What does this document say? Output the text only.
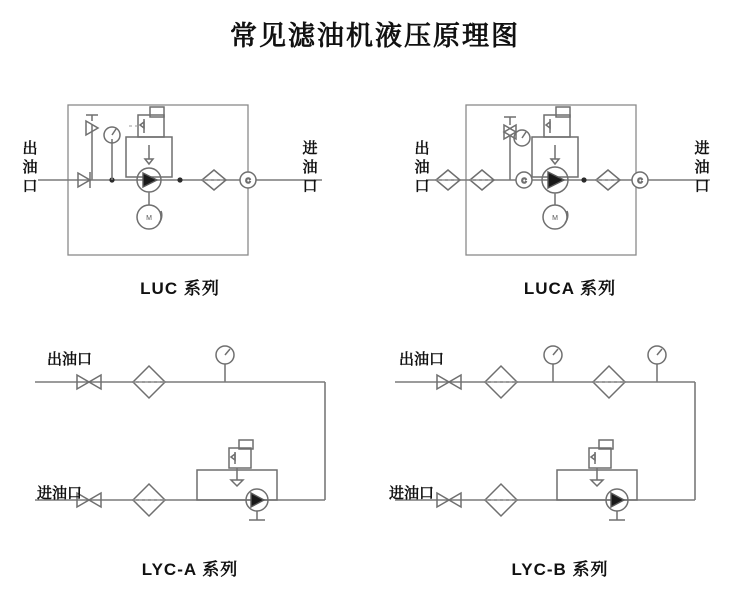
常见滤油机液压原理图
M
C
出油口
进油口
LUC 系列
C
M
C
出油口
进油口
LUCA 系列
出油口
进油口
LYC-A 系列
出油口
进油口
LYC-B 系列
